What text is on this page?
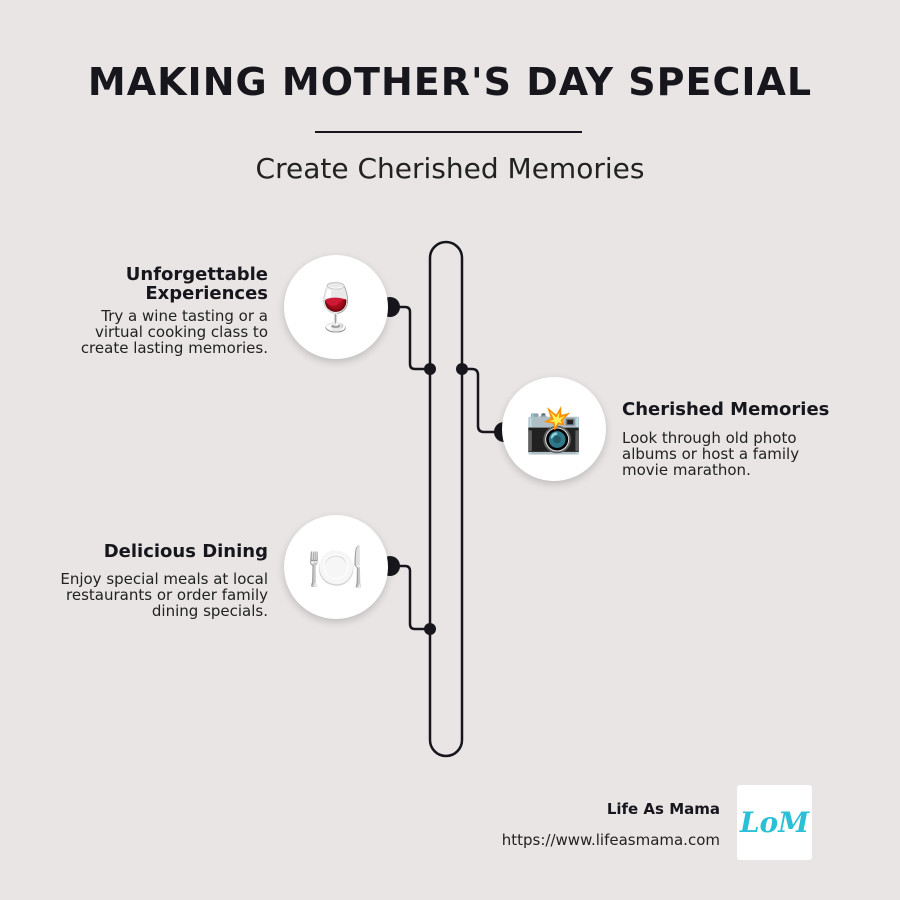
MAKING MOTHER'S DAY SPECIAL
Create Cherished Memories
🍷
Unforgettable
Experiences
Try a wine tasting or a
virtual cooking class to
create lasting memories.
📸	Cherished Memories
Look through old photo
albums or host a family
movie marathon.
🍽️
Delicious Dining
Enjoy special meals at local
restaurants or order family
dining specials.
Life As Mama
https://www.lifeasmama.com
LoM
